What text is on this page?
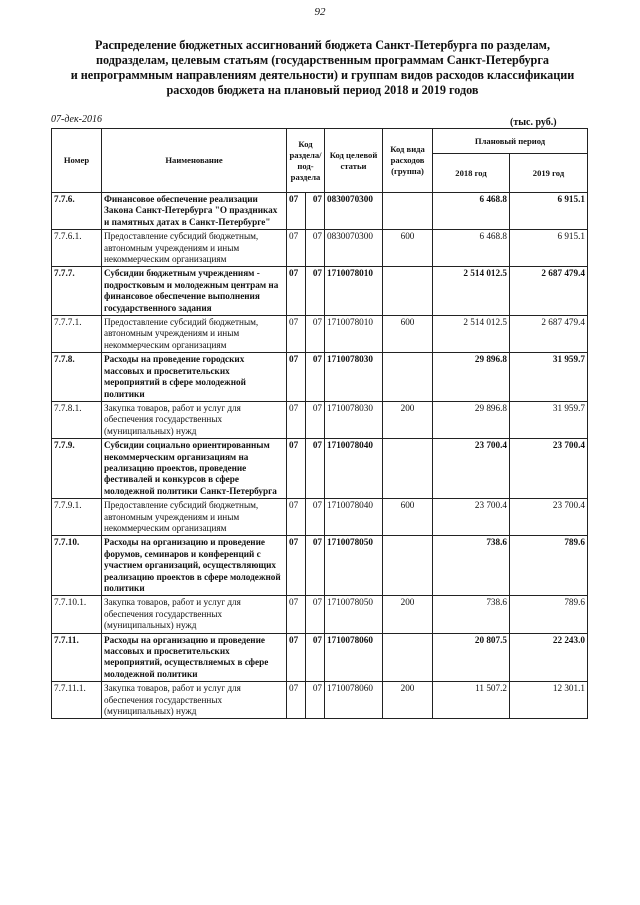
92
Распределение бюджетных ассигнований бюджета Санкт-Петербурга по разделам,
подразделам, целевым статьям (государственным программам Санкт-Петербурга
и непрограммным направлениям деятельности) и группам видов расходов классификации
расходов бюджета на плановый период 2018 и 2019 годов
07-дек-2016	(тыс. руб.)
Номер	Наименование	Код раздела/ под- раздела		Код целевой статьи	Код вида расходов (группа)	Плановый период	
						2018 год	2019 год
7.7.6.	Финансовое обеспечение реализации Закона Санкт-Петербурга "О праздниках и памятных датах в Санкт-Петербурге"	07	07	0830070300		6 468.8	6 915.1
7.7.6.1.	Предоставление субсидий бюджетным, автономным учреждениям и иным некоммерческим организациям	07	07	0830070300	600	6 468.8	6 915.1
7.7.7.	Субсидии бюджетным учреждениям - подростковым и молодежным центрам на финансовое обеспечение выполнения государственного задания	07	07	1710078010		2 514 012.5	2 687 479.4
7.7.7.1.	Предоставление субсидий бюджетным, автономным учреждениям и иным некоммерческим организациям	07	07	1710078010	600	2 514 012.5	2 687 479.4
7.7.8.	Расходы на проведение городских массовых и просветительских мероприятий в сфере молодежной политики	07	07	1710078030		29 896.8	31 959.7
7.7.8.1.	Закупка товаров, работ и услуг для обеспечения государственных (муниципальных) нужд	07	07	1710078030	200	29 896.8	31 959.7
7.7.9.	Субсидии социально ориентированным некоммерческим организациям на реализацию проектов, проведение фестивалей и конкурсов в сфере молодежной политики Санкт-Петербурга	07	07	1710078040		23 700.4	23 700.4
7.7.9.1.	Предоставление субсидий бюджетным, автономным учреждениям и иным некоммерческим организациям	07	07	1710078040	600	23 700.4	23 700.4
7.7.10.	Расходы на организацию и проведение форумов, семинаров и конференций с участием организаций, осуществляющих реализацию проектов в сфере молодежной политики	07	07	1710078050		738.6	789.6
7.7.10.1.	Закупка товаров, работ и услуг для обеспечения государственных (муниципальных) нужд	07	07	1710078050	200	738.6	789.6
7.7.11.	Расходы на организацию и проведение массовых и просветительских мероприятий, осуществляемых в сфере молодежной политики	07	07	1710078060		20 807.5	22 243.0
7.7.11.1.	Закупка товаров, работ и услуг для обеспечения государственных (муниципальных) нужд	07	07	1710078060	200	11 507.2	12 301.1
